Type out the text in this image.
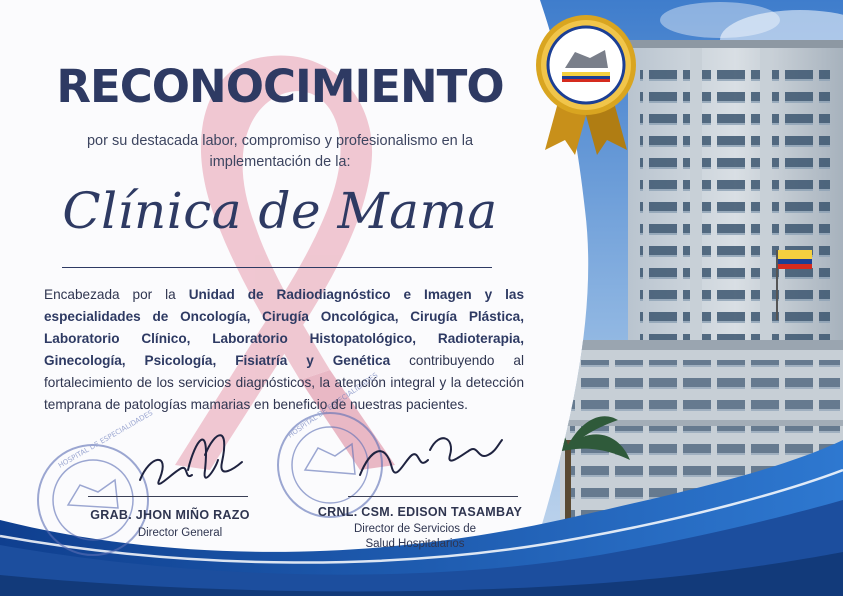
HOSPITAL DE ESPECIALIDADES	HOSPITAL DE ESPECIALIDADES
RECONOCIMIENTO
por su destacada labor, compromiso y profesionalismo en la
implementación de la:
Clínica de Mama
Encabezada por la Unidad de Radiodiagnóstico e Imagen y las especialidades de Oncología, Cirugía Oncológica, Cirugía Plástica, Laboratorio Clínico, Laboratorio Histopatológico, Radioterapia, Ginecología, Psicología, Fisiatría y Genética contribuyendo al fortalecimiento de los servicios diagnósticos, la atención integral y la detección temprana de patologías mamarias en beneficio de nuestras pacientes.
GRAB. JHON MIÑO RAZO
Director General
CRNL. CSM. EDISON TASAMBAY
Director de Servicios de
Salud Hospitalarios
